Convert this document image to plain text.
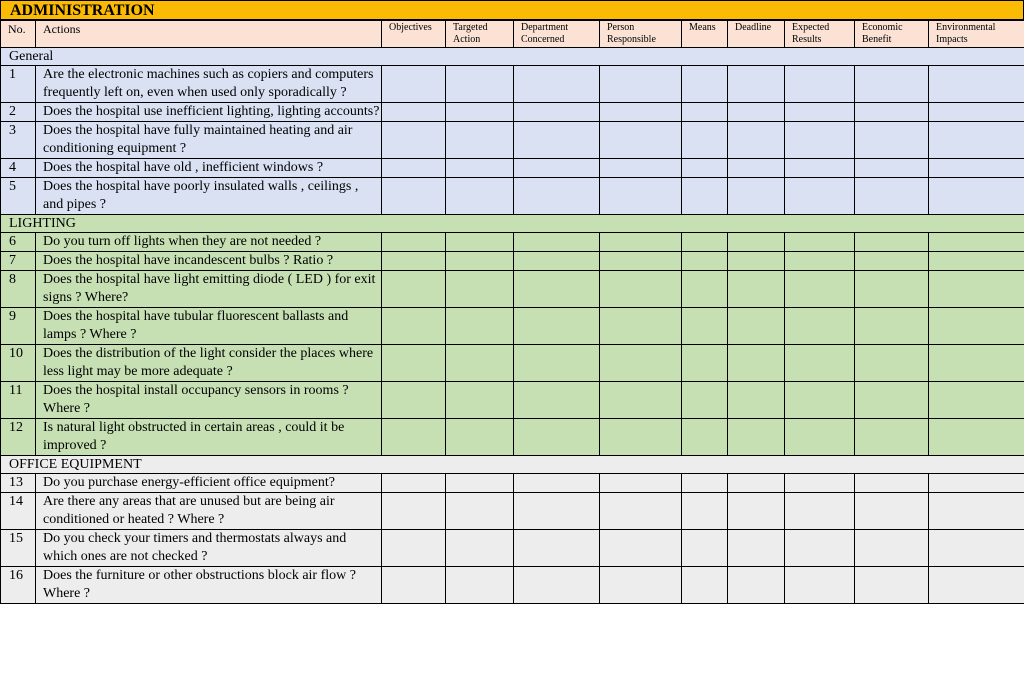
ADMINISTRATION
No.	Actions	Objectives	Targeted Action	Department Concerned	Person Responsible	Means	Deadline	Expected Results	Economic Benefit	Environmental Impacts
General										
1	Are the electronic machines such as copiers and computers frequently left on, even when used only sporadically ?									
2	Does the hospital use inefficient lighting, lighting accounts?									
3	Does the hospital have fully maintained heating and air conditioning equipment ?									
4	Does the hospital have old , inefficient windows ?									
5	Does the hospital have poorly insulated walls , ceilings , and pipes ?									
LIGHTING										
6	Do you turn off lights when they are not needed ?									
7	Does the hospital have incandescent bulbs ? Ratio ?									
8	Does the hospital have light emitting diode ( LED ) for exit signs ? Where?									
9	Does the hospital have tubular fluorescent ballasts and lamps ? Where ?									
10	Does the distribution of the light consider the places where less light may be more adequate ?									
11	Does the hospital install occupancy sensors in rooms ? Where ?									
12	Is natural light obstructed in certain areas , could it be improved ?									
OFFICE EQUIPMENT										
13	Do you purchase energy-efficient office equipment?									
14	Are there any areas that are unused but are being air conditioned or heated ? Where ?									
15	Do you check your timers and thermostats always and which ones are not checked ?									
16	Does the furniture or other obstructions block air flow ? Where ?									
